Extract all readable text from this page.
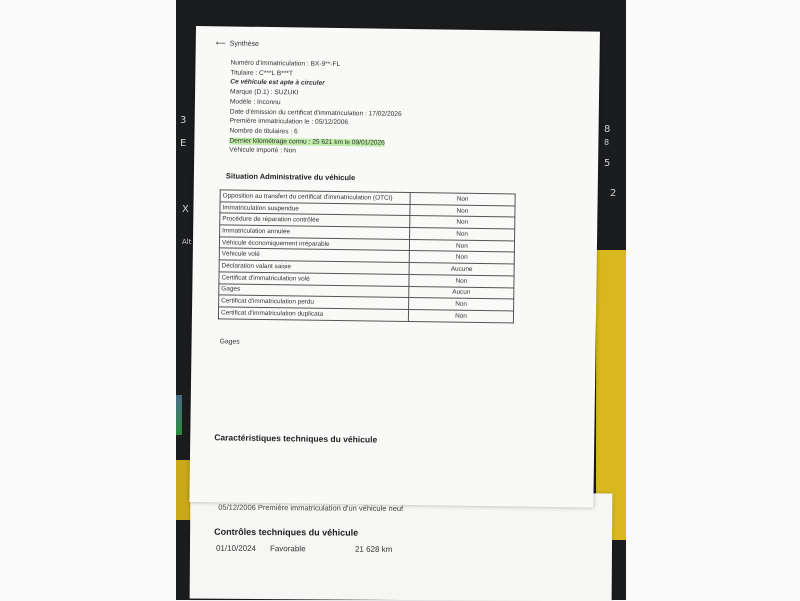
3
E
X
Alt
8
8
5
2
05/12/2006 Première immatriculation d'un véhicule neuf
Contrôles techniques du véhicule
01/10/2024 Favorable	21 628 km
⟵ Synthèse
Numéro d'immatriculation : BX-9**-FL
Titulaire : C***L B***T
Ce véhicule est apte à circuler
Marque (D.1) : SUZUKI
Modèle : Inconnu
Date d'émission du certificat d'immatriculation : 17/02/2026
Première immatriculation le : 05/12/2006
Nombre de titulaires : 6
Dernier kilométrage connu : 25 621 km le 09/01/2026
Véhicule importé : Non
Situation Administrative du véhicule
Opposition au transfert du certificat d'immatriculation (OTCI)	Non
Immatriculation suspendue	Non
Procédure de réparation contrôlée	Non
Immatriculation annulée	Non
Véhicule économiquement irréparable	Non
Véhicule volé	Non
Déclaration valant saisie	Aucune
Certificat d'immatriculation volé	Non
Gages	Aucun
Certificat d'immatriculation perdu	Non
Certificat d'immatriculation duplicata	Non
Gages
Caractéristiques techniques du véhicule
